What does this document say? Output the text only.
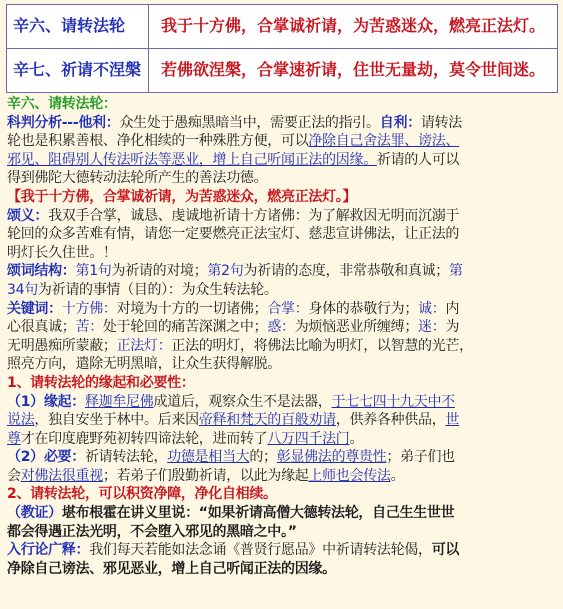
辛六、请转法轮	我于十方佛，合掌诚祈请，为苦惑迷众，燃亮正法灯。
辛七、祈请不涅槃	若佛欲涅槃，合掌速祈请，住世无量劫，莫令世间迷。
辛六、请转法轮：
科判分析---他利：众生处于愚痴黑暗当中，需要正法的指引。自利：请转法
轮也是积累善根、净化相续的一种殊胜方便，可以净除自己舍法罪、谤法、
邪见、阻碍别人传法听法等恶业，增上自己听闻正法的因缘。祈请的人可以
得到佛陀大德转动法轮所产生的善法功德。
【我于十方佛，合掌诚祈请，为苦惑迷众，燃亮正法灯。】
颂义：我双手合掌，诚恳、虔诚地祈请十方诸佛：为了解救因无明而沉溺于
轮回的众多苦难有情，请您一定要燃亮正法宝灯、慈悲宣讲佛法，让正法的
明灯长久住世。！
颂词结构：第1句为祈请的对境；第2句为祈请的态度，非常恭敬和真诚；第
34句为祈请的事情（目的）：为众生转法轮。
关键词：十方佛：对境为十方的一切诸佛；合掌：身体的恭敬行为；诚：内
心很真诚；苦：处于轮回的痛苦深渊之中；惑：为烦恼恶业所缠缚；迷：为
无明愚痴所蒙蔽；正法灯：正法的明灯，将佛法比喻为明灯，以智慧的光芒，
照亮方向，遣除无明黑暗，让众生获得解脱。
1、请转法轮的缘起和必要性：
（1）缘起：释迦牟尼佛成道后，观察众生不是法器，于七七四十九天中不
说法，独自安坐于林中。后来因帝释和梵天的百般劝请，供养各种供品，世
尊才在印度鹿野苑初转四谛法轮，进而转了八万四千法门。
（2）必要：祈请转法轮，功德是相当大的；彰显佛法的尊贵性；弟子们也
会对佛法很重视；若弟子们殷勤祈请，以此为缘起上师也会传法。
2、请转法轮，可以积资净障，净化自相续。
（教证）堪布根霍在讲义里说：“如果祈请高僧大德转法轮，自己生生世世
都会得遇正法光明，不会堕入邪见的黑暗之中。”
入行论广释：我们每天若能如法念诵《普贤行愿品》中祈请转法轮偈，可以
净除自己谤法、邪见恶业，增上自己听闻正法的因缘。
